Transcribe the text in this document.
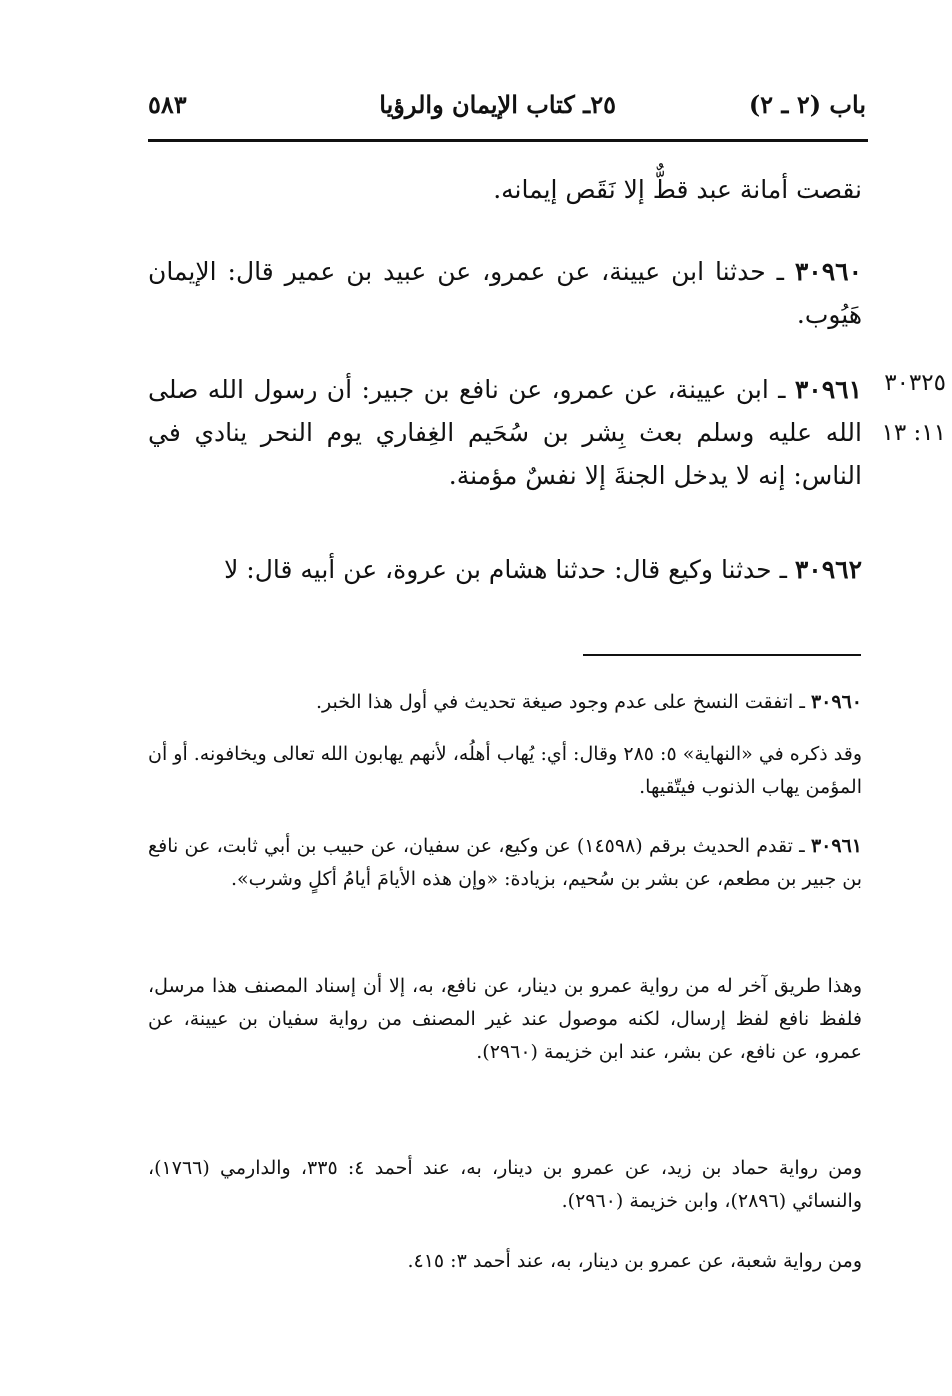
باب (٢ ـ ٢)
٢٥ـ كتاب الإيمان والرؤيا
٥٨٣
نقصت أمانة عبد قطٌّ إلا نَقَص إيمانه.
٣٠٩٦٠ ـ حدثنا ابن عيينة، عن عمرو، عن عبيد بن عمير قال: الإيمان هَيُوب.
٣٠٩٦١ ـ ابن عيينة، عن عمرو، عن نافع بن جبير: أن رسول الله صلى الله عليه وسلم بعث بِشر بن سُحَيم الغِفاري يوم النحر ينادي في الناس: إنه لا يدخل الجنةَ إلا نفسٌ مؤمنة.
٣٠٩٦٢ ـ حدثنا وكيع قال: حدثنا هشام بن عروة، عن أبيه قال: لا
٣٠٣٢٥
١١: ١٣
٣٠٩٦٠ ـ اتفقت النسخ على عدم وجود صيغة تحديث في أول هذا الخبر.
وقد ذكره في «النهاية» ٥: ٢٨٥ وقال: أي: يُهاب أهلُه، لأنهم يهابون الله تعالى ويخافونه. أو أن المؤمن يهاب الذنوب فيتّقيها.
٣٠٩٦١ ـ تقدم الحديث برقم (١٤٥٩٨) عن وكيع، عن سفيان، عن حبيب بن أبي ثابت، عن نافع بن جبير بن مطعم، عن بشر بن سُحيم، بزيادة: «وإن هذه الأيامَ أيامُ أكلٍ وشرب».
وهذا طريق آخر له من رواية عمرو بن دينار، عن نافع، به، إلا أن إسناد المصنف هذا مرسل، فلفظ نافع لفظ إرسال، لكنه موصول عند غير المصنف من رواية سفيان بن عيينة، عن عمرو، عن نافع، عن بشر، عند ابن خزيمة (٢٩٦٠).
ومن رواية حماد بن زيد، عن عمرو بن دينار، به، عند أحمد ٤: ٣٣٥، والدارمي (١٧٦٦)، والنسائي (٢٨٩٦)، وابن خزيمة (٢٩٦٠).
ومن رواية شعبة، عن عمرو بن دينار، به، عند أحمد ٣: ٤١٥.
